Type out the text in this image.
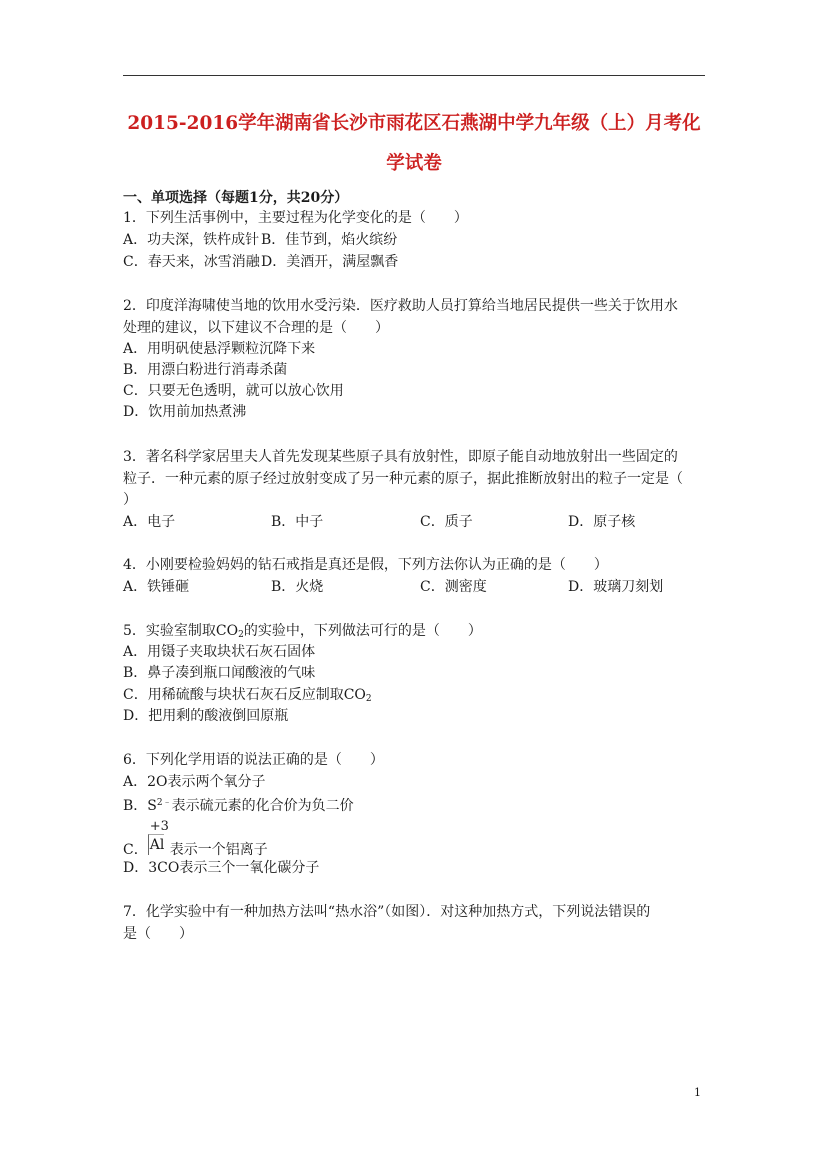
2015-2016学年湖南省长沙市雨花区石燕湖中学九年级（上）月考化
学试卷
一、单项选择（每题1分，共20分）
1．下列生活事例中，主要过程为化学变化的是（　　）
A．功夫深，铁杵成针 B．佳节到，焰火缤纷
C．春天来，冰雪消融 D．美酒开，满屋飘香
2．印度洋海啸使当地的饮用水受污染．医疗救助人员打算给当地居民提供一些关于饮用水
处理的建议，以下建议不合理的是（　　）
A．用明矾使悬浮颗粒沉降下来
B．用漂白粉进行消毒杀菌
C．只要无色透明，就可以放心饮用
D．饮用前加热煮沸
3．著名科学家居里夫人首先发现某些原子具有放射性，即原子能自动地放射出一些固定的
粒子．一种元素的原子经过放射变成了另一种元素的原子，据此推断放射出的粒子一定是（
）
A．电子	B．中子	C．质子	D．原子核
4．小刚要检验妈妈的钻石戒指是真还是假，下列方法你认为正确的是（　　）
A．铁锤砸	B．火烧	C．测密度	D．玻璃刀刻划
5．实验室制取$CO_2$的实验中，下列做法可行的是（　　）
A．用镊子夹取块状石灰石固体
B．鼻子凑到瓶口闻酸液的气味
C．用稀硫酸与块状石灰石反应制取$CO_2$
D．把用剩的酸液倒回原瓶
6．下列化学用语的说法正确的是（　　）
A．2O表示两个氧分子
B．$S^{2﹣}$表示硫元素的化合价为负二价
C． $\frac{+3}{Al}$ 表示一个铝离子
D．3CO表示三个一氧化碳分子
7．化学实验中有一种加热方法叫“热水浴”（如图）．对这种加热方式，下列说法错误的
是（　　）
1
